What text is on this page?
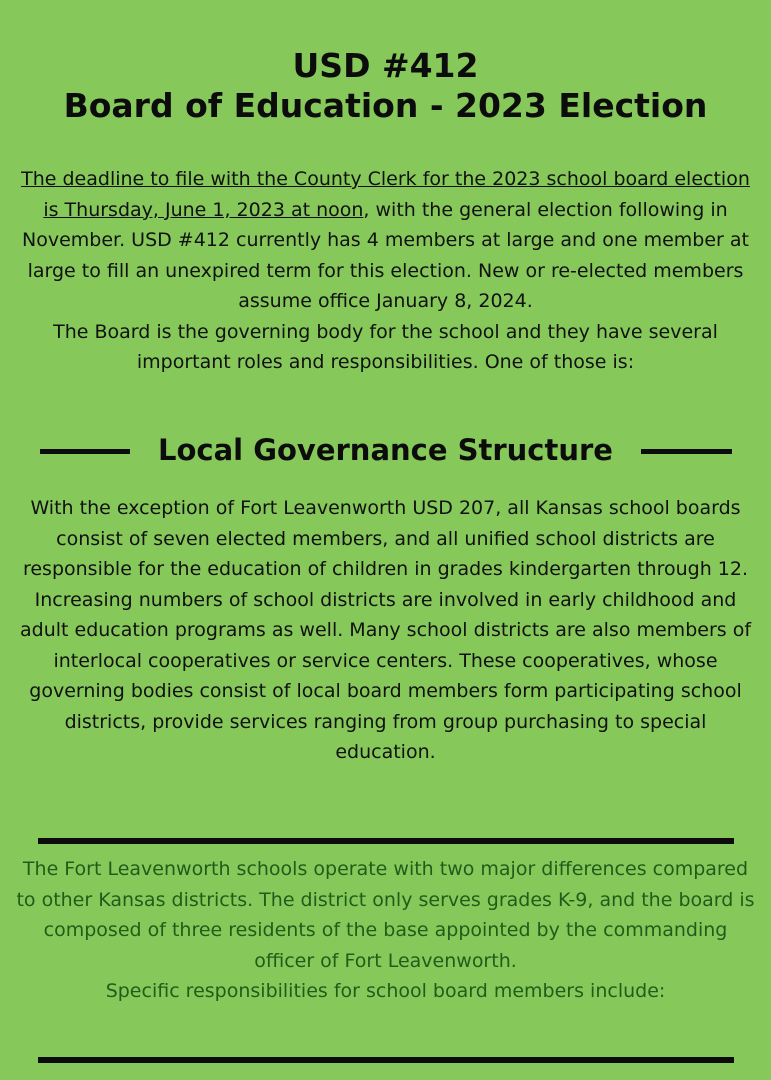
USD #412
Board of Education - 2023 Election

The deadline to file with the County Clerk for the 2023 school board election is Thursday, June 1, 2023 at noon, with the general election following in November. USD #412 currently has 4 members at large and one member at large to fill an unexpired term for this election. New or re-elected members assume office January 8, 2024.
The Board is the governing body for the school and they have several important roles and responsibilities. One of those is:

Local Governance Structure

With the exception of Fort Leavenworth USD 207, all Kansas school boards consist of seven elected members, and all unified school districts are responsible for the education of children in grades kindergarten through 12. Increasing numbers of school districts are involved in early childhood and adult education programs as well. Many school districts are also members of interlocal cooperatives or service centers. These cooperatives, whose governing bodies consist of local board members form participating school districts, provide services ranging from group purchasing to special education.

The Fort Leavenworth schools operate with two major differences compared to other Kansas districts. The district only serves grades K-9, and the board is composed of three residents of the base appointed by the commanding officer of Fort Leavenworth.
Specific responsibilities for school board members include:
